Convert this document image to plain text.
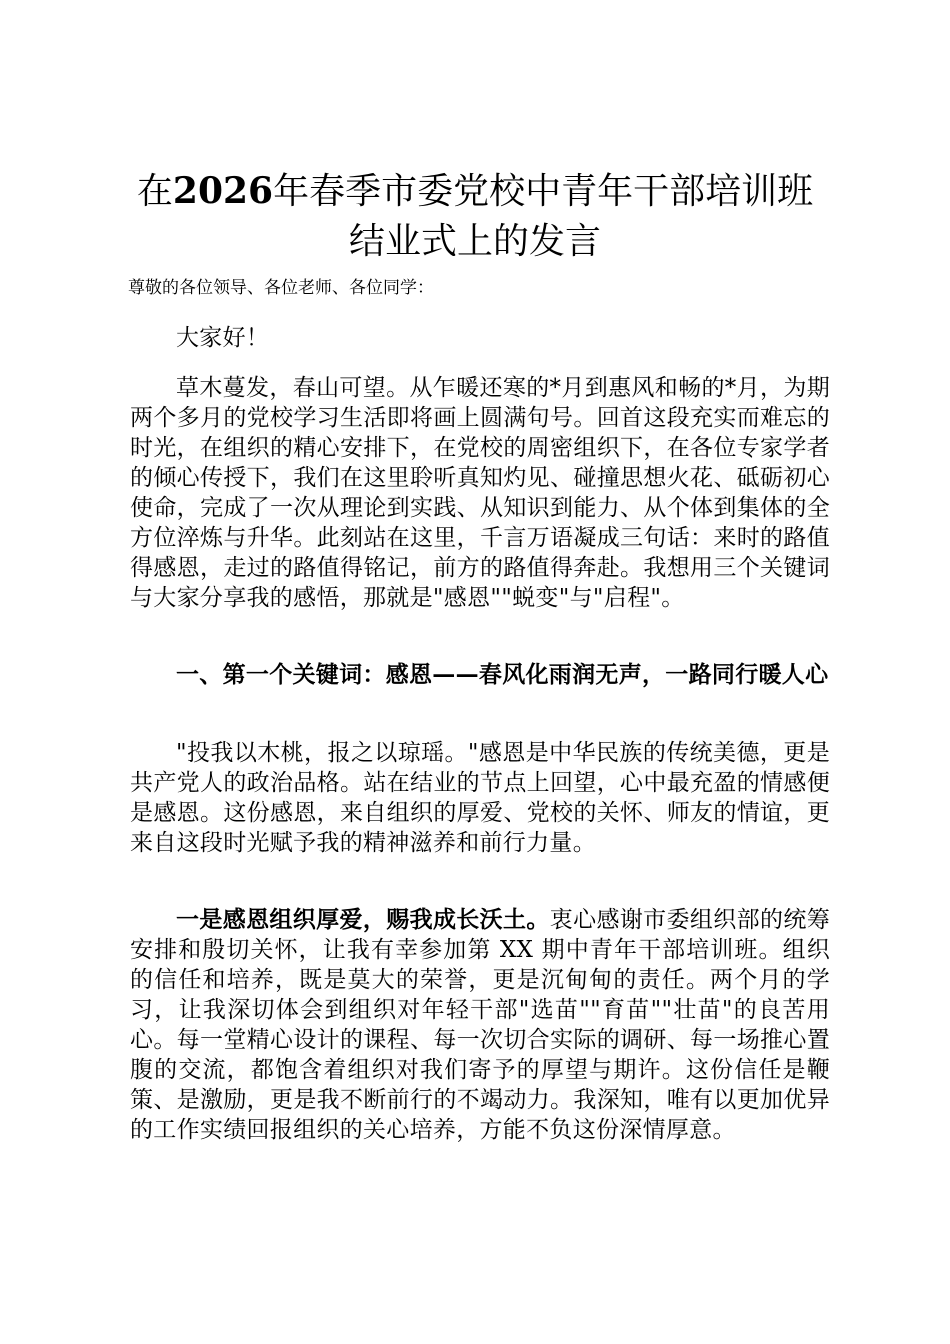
在2026年春季市委党校中青年干部培训班结业式上的发言

尊敬的各位领导、各位老师、各位同学：

大家好！

草木蔓发，春山可望。从乍暖还寒的*月到惠风和畅的*月，为期两个多月的党校学习生活即将画上圆满句号。回首这段充实而难忘的时光，在组织的精心安排下，在党校的周密组织下，在各位专家学者的倾心传授下，我们在这里聆听真知灼见、碰撞思想火花、砥砺初心使命，完成了一次从理论到实践、从知识到能力、从个体到集体的全方位淬炼与升华。此刻站在这里，千言万语凝成三句话：来时的路值得感恩，走过的路值得铭记，前方的路值得奔赴。我想用三个关键词与大家分享我的感悟，那就是"感恩""蜕变"与"启程"。

一、第一个关键词：感恩——春风化雨润无声，一路同行暖人心

"投我以木桃，报之以琼瑶。"感恩是中华民族的传统美德，更是共产党人的政治品格。站在结业的节点上回望，心中最充盈的情感便是感恩。这份感恩，来自组织的厚爱、党校的关怀、师友的情谊，更来自这段时光赋予我的精神滋养和前行力量。

一是感恩组织厚爱，赐我成长沃土。衷心感谢市委组织部的统筹安排和殷切关怀，让我有幸参加第 XX 期中青年干部培训班。组织的信任和培养，既是莫大的荣誉，更是沉甸甸的责任。两个月的学习，让我深切体会到组织对年轻干部"选苗""育苗""壮苗"的良苦用心。每一堂精心设计的课程、每一次切合实际的调研、每一场推心置腹的交流，都饱含着组织对我们寄予的厚望与期许。这份信任是鞭策、是激励，更是我不断前行的不竭动力。我深知，唯有以更加优异的工作实绩回报组织的关心培养，方能不负这份深情厚意。
